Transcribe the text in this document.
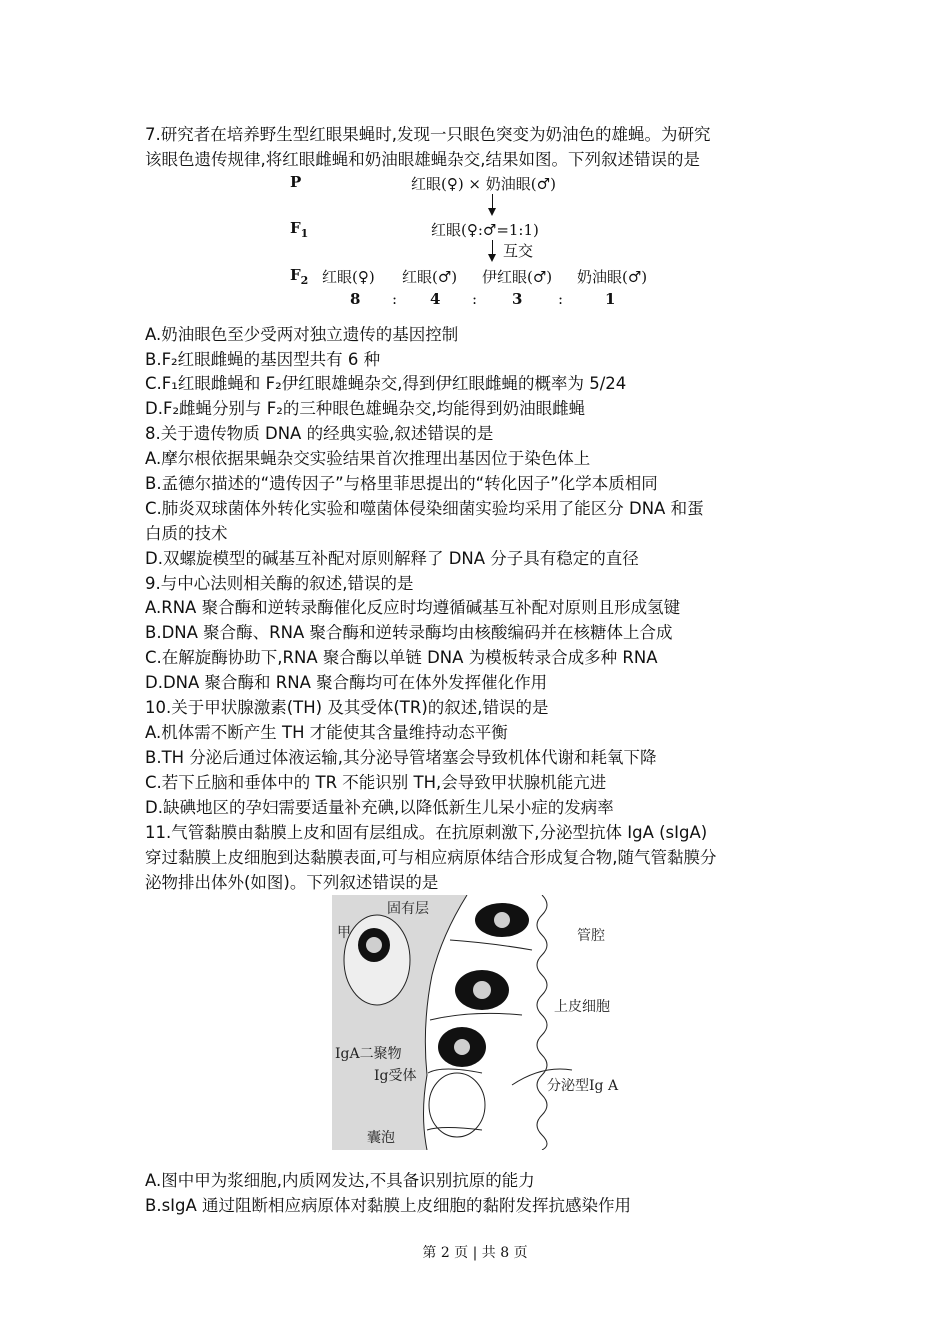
7.研究者在培养野生型红眼果蝇时,发现一只眼色突变为奶油色的雄蝇。为研究
该眼色遗传规律,将红眼雌蝇和奶油眼雄蝇杂交,结果如图。下列叙述错误的是
P	红眼(♀) × 奶油眼(♂)
$F_1$	红眼(♀:♂=1:1)
互交
$F_2$ 红眼(♀) 红眼(♂) 伊红眼(♂) 奶油眼(♂)
8 : 4 : 3 :	1
A.奶油眼色至少受两对独立遗传的基因控制
B.F₂红眼雌蝇的基因型共有 6 种
C.F₁红眼雌蝇和 F₂伊红眼雄蝇杂交,得到伊红眼雌蝇的概率为 5/24
D.F₂雌蝇分别与 F₂的三种眼色雄蝇杂交,均能得到奶油眼雌蝇
8.关于遗传物质 DNA 的经典实验,叙述错误的是
A.摩尔根依据果蝇杂交实验结果首次推理出基因位于染色体上
B.孟德尔描述的“遗传因子”与格里菲思提出的“转化因子”化学本质相同
C.肺炎双球菌体外转化实验和噬菌体侵染细菌实验均采用了能区分 DNA 和蛋
白质的技术
D.双螺旋模型的碱基互补配对原则解释了 DNA 分子具有稳定的直径
9.与中心法则相关酶的叙述,错误的是
A.RNA 聚合酶和逆转录酶催化反应时均遵循碱基互补配对原则且形成氢键
B.DNA 聚合酶、RNA 聚合酶和逆转录酶均由核酸编码并在核糖体上合成
C.在解旋酶协助下,RNA 聚合酶以单链 DNA 为模板转录合成多种 RNA
D.DNA 聚合酶和 RNA 聚合酶均可在体外发挥催化作用
10.关于甲状腺激素(TH) 及其受体(TR)的叙述,错误的是
A.机体需不断产生 TH 才能使其含量维持动态平衡
B.TH 分泌后通过体液运输,其分泌导管堵塞会导致机体代谢和耗氧下降
C.若下丘脑和垂体中的 TR 不能识别 TH,会导致甲状腺机能亢进
D.缺碘地区的孕妇需要适量补充碘,以降低新生儿呆小症的发病率
11.气管黏膜由黏膜上皮和固有层组成。在抗原刺激下,分泌型抗体 IgA (sIgA)
穿过黏膜上皮细胞到达黏膜表面,可与相应病原体结合形成复合物,随气管黏膜分
泌物排出体外(如图)。下列叙述错误的是
固有层
甲	管腔
上皮细胞
IgA二聚物
Ig受体
分泌型Ig A
囊泡
A.图中甲为浆细胞,内质网发达,不具备识别抗原的能力
B.sIgA 通过阻断相应病原体对黏膜上皮细胞的黏附发挥抗感染作用
第 2 页 | 共 8 页
